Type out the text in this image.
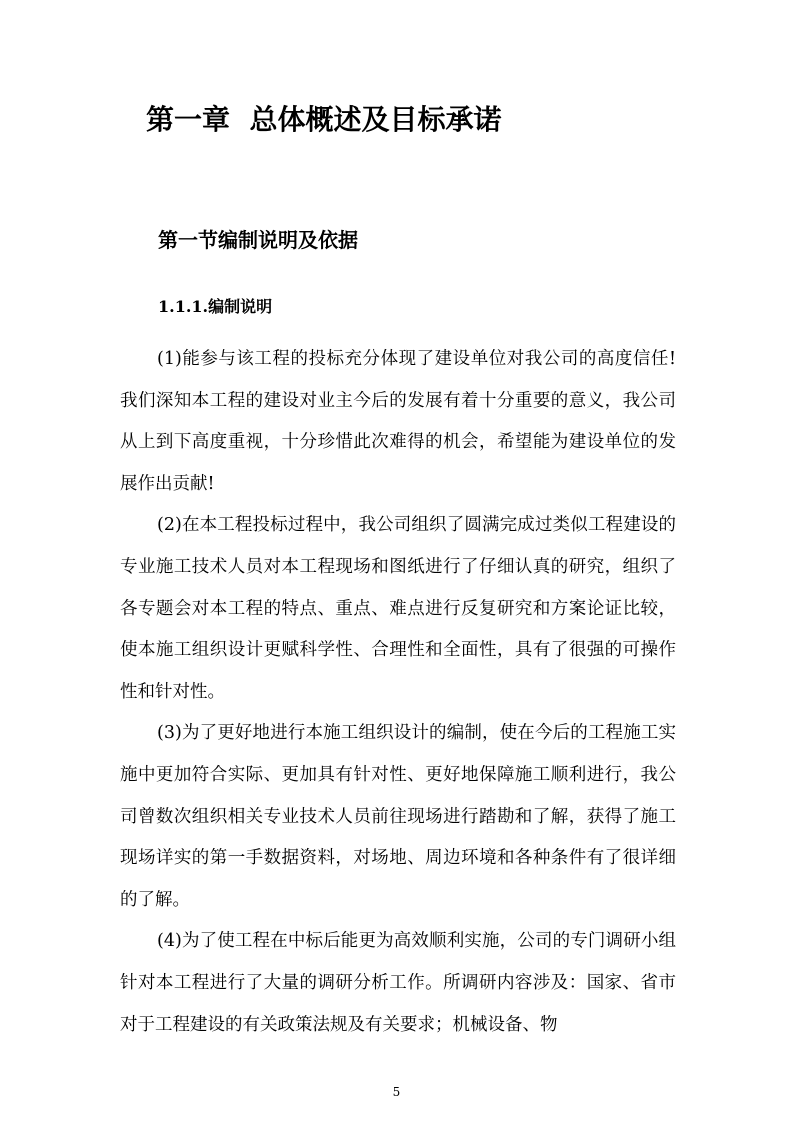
第一章  总体概述及目标承诺
第一节编制说明及依据
1.1.1.编制说明

(1)能参与该工程的投标充分体现了建设单位对我公司的高度信任!我们深知本工程的建设对业主今后的发展有着十分重要的意义，我公司从上到下高度重视，十分珍惜此次难得的机会，希望能为建设单位的发展作出贡献!

(2)在本工程投标过程中，我公司组织了圆满完成过类似工程建设的专业施工技术人员对本工程现场和图纸进行了仔细认真的研究，组织了各专题会对本工程的特点、重点、难点进行反复研究和方案论证比较，使本施工组织设计更赋科学性、合理性和全面性，具有了很强的可操作性和针对性。

(3)为了更好地进行本施工组织设计的编制，使在今后的工程施工实施中更加符合实际、更加具有针对性、更好地保障施工顺利进行，我公司曾数次组织相关专业技术人员前往现场进行踏勘和了解，获得了施工现场详实的第一手数据资料，对场地、周边环境和各种条件有了很详细的了解。

(4)为了使工程在中标后能更为高效顺利实施，公司的专门调研小组针对本工程进行了大量的调研分析工作。所调研内容涉及：国家、省市对于工程建设的有关政策法规及有关要求；机械设备、物

5
